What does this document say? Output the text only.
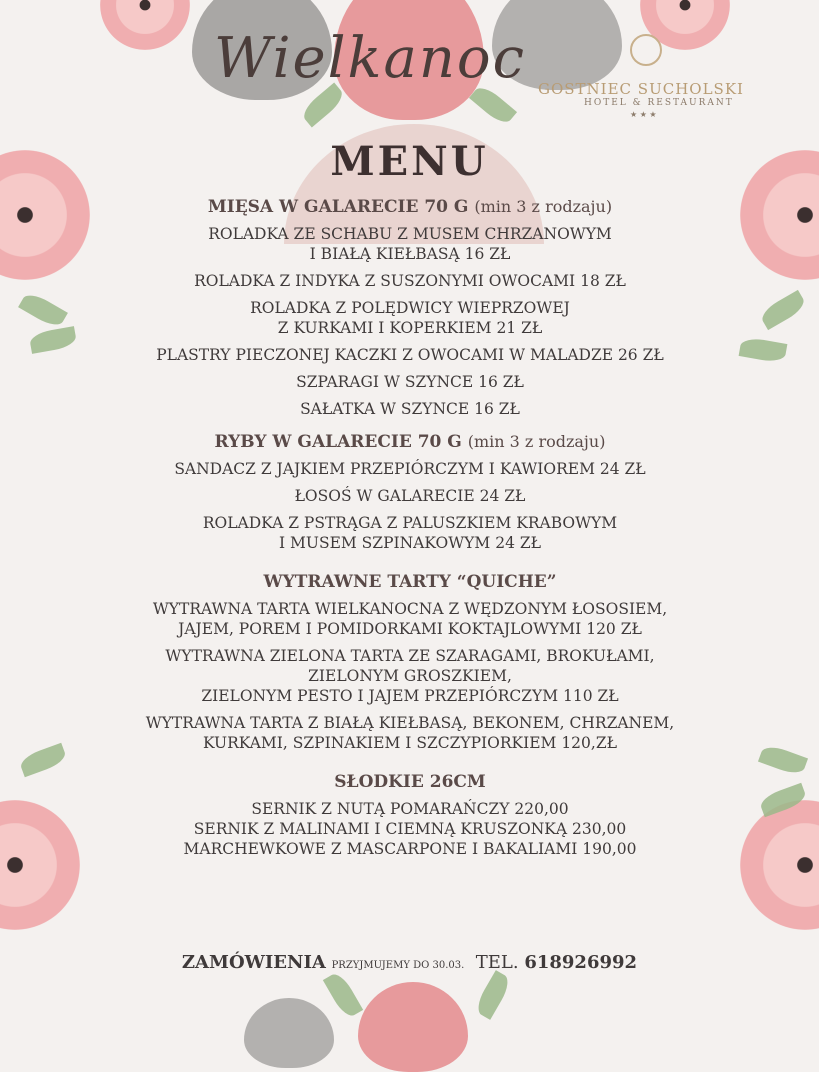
Wielkanoc GOSTNIEC SUCHOLSKI
HOTEL & RESTAURANT
★ ★ ★
MENU

MIĘSA W GALARECIE 70 G (min 3 z rodzaju)

ROLADKA ZE SCHABU Z MUSEM CHRZANOWYM

I BIAŁĄ KIEŁBASĄ 16 ZŁ

ROLADKA Z INDYKA Z SUSZONYMI OWOCAMI 18 ZŁ

ROLADKA Z POLĘDWICY WIEPRZOWEJ

Z KURKAMI I KOPERKIEM 21 ZŁ

PLASTRY PIECZONEJ KACZKI Z OWOCAMI W MALADZE 26 ZŁ

SZPARAGI W SZYNCE 16 ZŁ

SAŁATKA W SZYNCE 16 ZŁ

RYBY W GALARECIE 70 G (min 3 z rodzaju)

SANDACZ Z JAJKIEM PRZEPIÓRCZYM I KAWIOREM 24 ZŁ

ŁOSOŚ W GALARECIE 24 ZŁ

ROLADKA Z PSTRĄGA Z PALUSZKIEM KRABOWYM

I MUSEM SZPINAKOWYM 24 ZŁ

WYTRAWNE TARTY “QUICHE”

WYTRAWNA TARTA WIELKANOCNA Z WĘDZONYM ŁOSOSIEM,

JAJEM, POREM I POMIDORKAMI KOKTAJLOWYMI 120 ZŁ

WYTRAWNA ZIELONA TARTA ZE SZARAGAMI, BROKUŁAMI,

ZIELONYM GROSZKIEM,

ZIELONYM PESTO I JAJEM PRZEPIÓRCZYM 110 ZŁ

WYTRAWNA TARTA Z BIAŁĄ KIEŁBASĄ, BEKONEM, CHRZANEM,

KURKAMI, SZPINAKIEM I SZCZYPIORKIEM 120,ZŁ

SŁODKIE 26CM

SERNIK Z NUTĄ POMARAŃCZY 220,00

SERNIK Z MALINAMI I CIEMNĄ KRUSZONKĄ 230,00

MARCHEWKOWE Z MASCARPONE I BAKALIAMI 190,00

ZAMÓWIENIA PRZYJMUJEMY DO 30.03. TEL. 618926992
